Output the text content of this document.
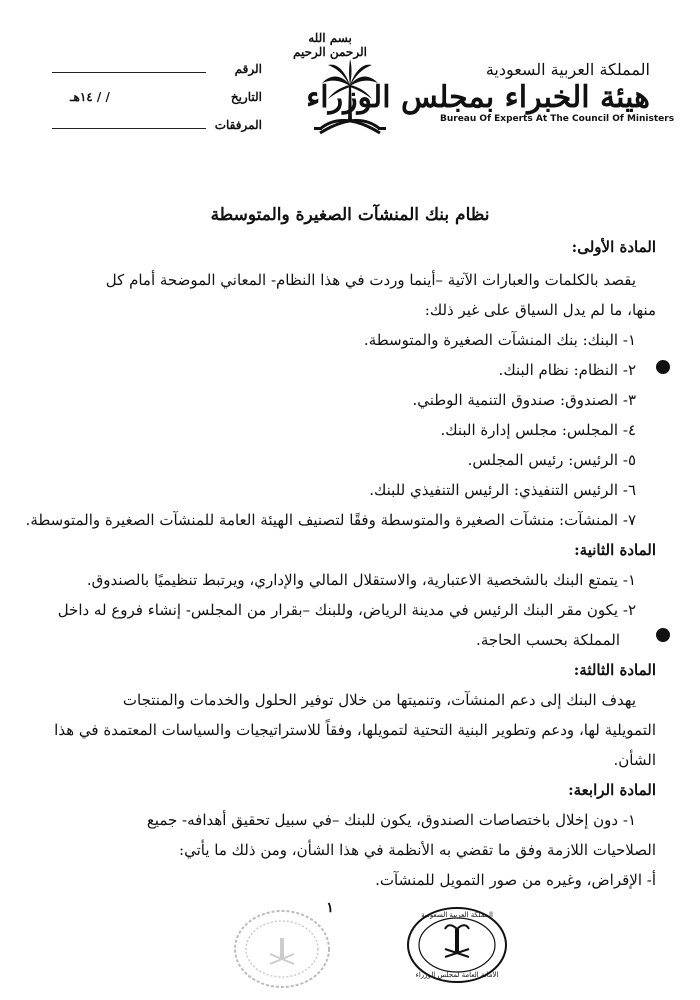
بسم الله الرحمن الرحيم
المملكة العربية السعودية
هيئة الخبراء بمجلس الوزراء
Bureau Of Experts At The Council Of Ministers
الرقم
التاريخ
/ / ١٤هـ
المرفقات
نظام بنك المنشآت الصغيرة والمتوسطة
المادة الأولى:
يقصد بالكلمات والعبارات الآتية –أينما وردت في هذا النظام- المعاني الموضحة أمام كل
منها، ما لم يدل السياق على غير ذلك:
١- البنك: بنك المنشآت الصغيرة والمتوسطة.
٢- النظام: نظام البنك.
٣- الصندوق: صندوق التنمية الوطني.
٤- المجلس: مجلس إدارة البنك.
٥- الرئيس: رئيس المجلس.
٦- الرئيس التنفيذي: الرئيس التنفيذي للبنك.
٧- المنشآت: منشآت الصغيرة والمتوسطة وفقًا لتصنيف الهيئة العامة للمنشآت الصغيرة والمتوسطة.
المادة الثانية:
١- يتمتع البنك بالشخصية الاعتبارية، والاستقلال المالي والإداري، ويرتبط تنظيميًا بالصندوق.
٢- يكون مقر البنك الرئيس في مدينة الرياض، وللبنك –بقرار من المجلس- إنشاء فروع له داخل
المملكة بحسب الحاجة.
المادة الثالثة:
يهدف البنك إلى دعم المنشآت، وتنميتها من خلال توفير الحلول والخدمات والمنتجات
التمويلية لها، ودعم وتطوير البنية التحتية لتمويلها، وفقاً للاستراتيجيات والسياسات المعتمدة في هذا
الشأن.
المادة الرابعة:
١- دون إخلال باختصاصات الصندوق، يكون للبنك –في سبيل تحقيق أهدافه- جميع
الصلاحيات اللازمة وفق ما تقضي به الأنظمة في هذا الشأن، ومن ذلك ما يأتي:
أ- الإقراض، وغيره من صور التمويل للمنشآت.
١	المملكة العربية السعودية
الأمانة العامة لمجلس الوزراء
